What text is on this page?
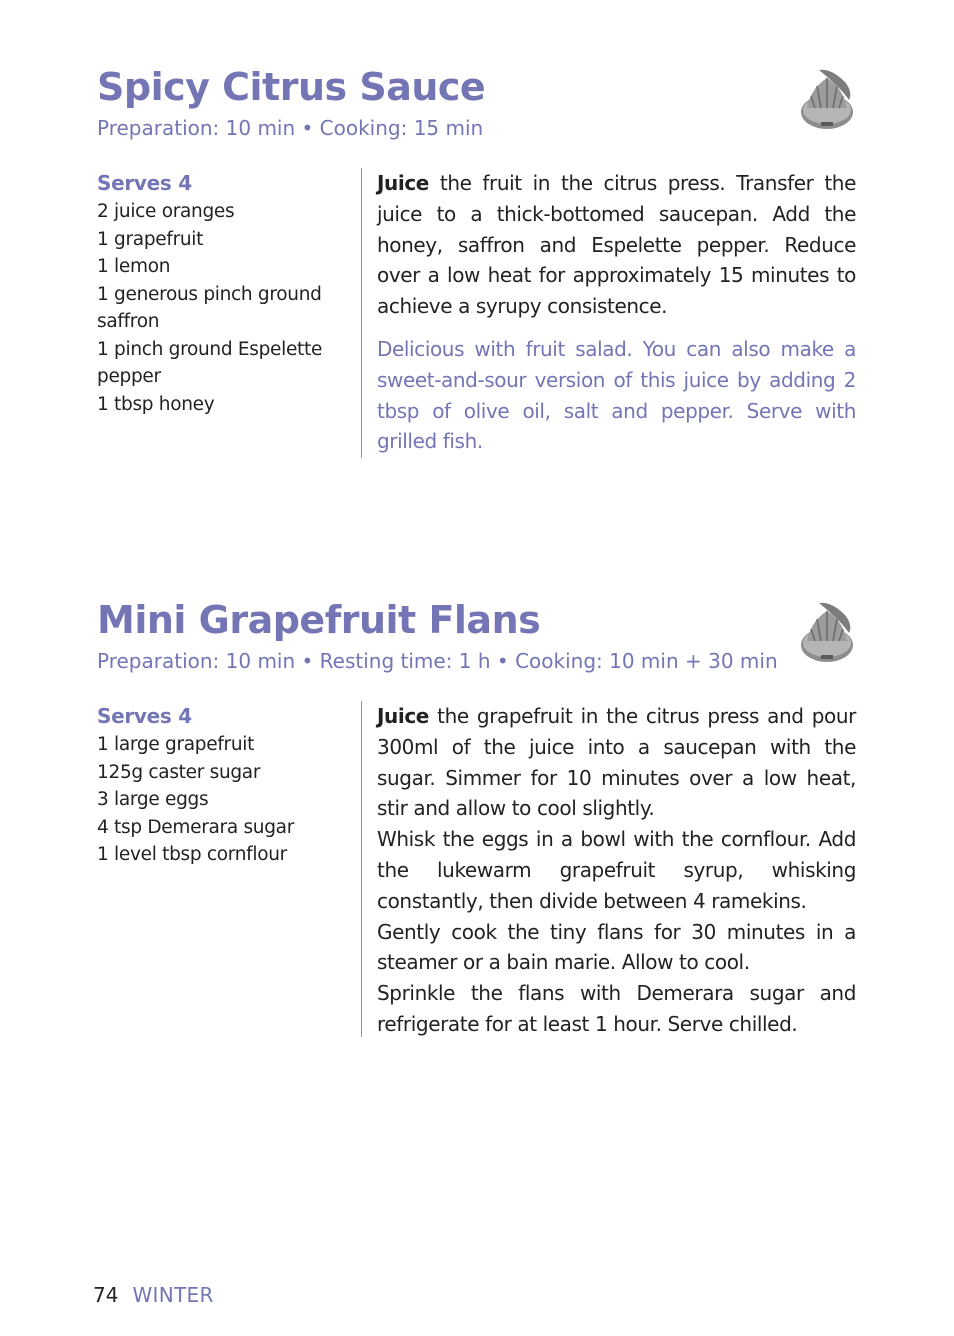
Spicy Citrus Sauce
Preparation: 10 min • Cooking: 15 min
Serves 4
2 juice oranges
1 grapefruit
1 lemon
1 generous pinch ground saffron
1 pinch ground Espelette pepper
1 tbsp honey

Juice the fruit in the citrus press. Transfer the juice to a thick-bottomed saucepan. Add the honey, saffron and Espelette pepper. Reduce over a low heat for approximately 15 minutes to achieve a syrupy consistence.

Delicious with fruit salad. You can also make a sweet-and-sour version of this juice by adding 2 tbsp of olive oil, salt and pepper. Serve with grilled fish.

Mini Grapefruit Flans
Preparation: 10 min • Resting time: 1 h • Cooking: 10 min + 30 min
Serves 4
1 large grapefruit
125g caster sugar
3 large eggs
4 tsp Demerara sugar
1 level tbsp cornflour

Juice the grapefruit in the citrus press and pour 300ml of the juice into a saucepan with the sugar. Simmer for 10 minutes over a low heat, stir and allow to cool slightly.

Whisk the eggs in a bowl with the cornflour. Add the lukewarm grapefruit syrup, whisking constantly, then divide between 4 ramekins.

Gently cook the tiny flans for 30 minutes in a steamer or a bain marie. Allow to cool.

Sprinkle the flans with Demerara sugar and refrigerate for at least 1 hour. Serve chilled.

74 WINTER
